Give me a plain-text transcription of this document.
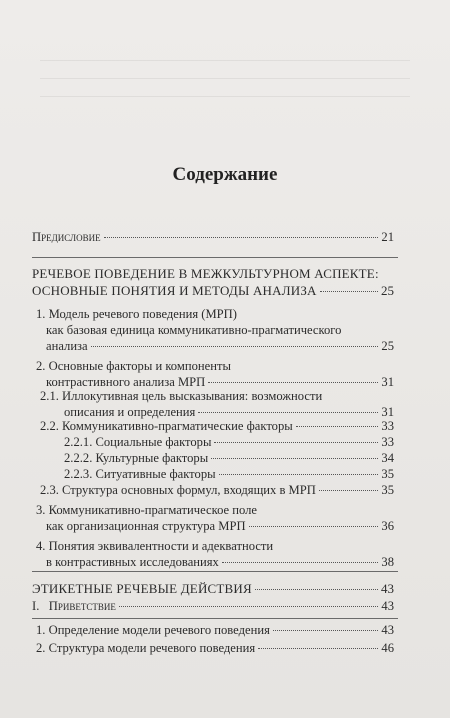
Содержание
Предисловие	21
РЕЧЕВОЕ ПОВЕДЕНИЕ В МЕЖКУЛЬТУРНОМ АСПЕКТЕ:
ОСНОВНЫЕ ПОНЯТИЯ И МЕТОДЫ АНАЛИЗА	25
1. Модель речевого поведения (МРП)
как базовая единица коммуникативно-прагматического
анализа	25
2. Основные факторы и компоненты
контрастивного анализа МРП	31
2.1. Иллокутивная цель высказывания: возможности
описания и определения	31
2.2. Коммуникативно-прагматические факторы	33
2.2.1. Социальные факторы	33
2.2.2. Культурные факторы	34
2.2.3. Ситуативные факторы	35
2.3. Структура основных формул, входящих в МРП	35
3. Коммуникативно-прагматическое поле
как организационная структура МРП	36
4. Понятия эквивалентности и адекватности
в контрастивных исследованиях	38
ЭТИКЕТНЫЕ РЕЧЕВЫЕ ДЕЙСТВИЯ	43
I.   Приветствие	43
1. Определение модели речевого поведения	43
2. Структура модели речевого поведения	46
